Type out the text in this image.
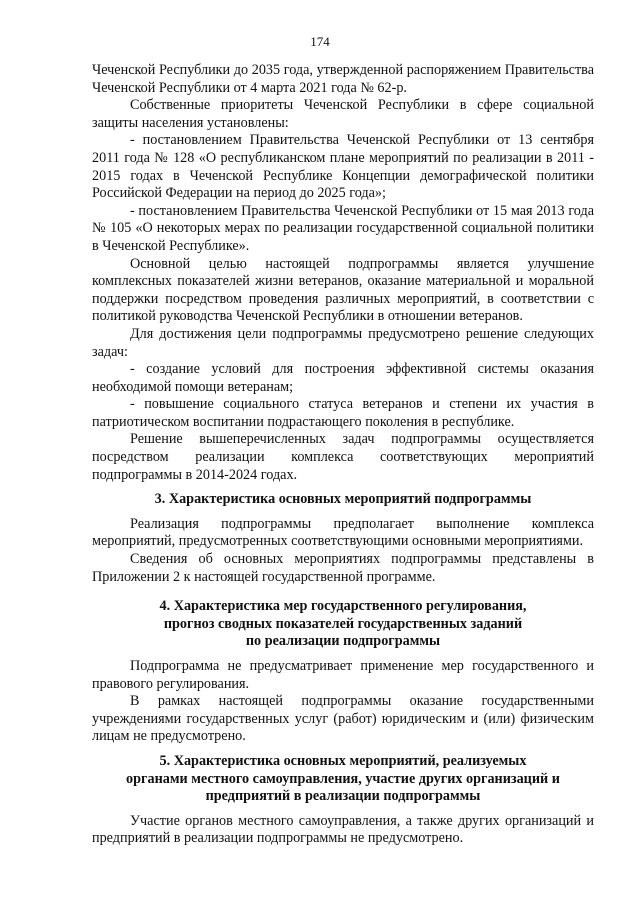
174

Чеченской Республики до 2035 года, утвержденной распоряжением Правительства Чеченской Республики от 4 марта 2021 года № 62-р.

Собственные приоритеты Чеченской Республики в сфере социальной защиты населения установлены:

- постановлением Правительства Чеченской Республики от 13 сентября 2011 года № 128 «О республиканском плане мероприятий по реализации в 2011 - 2015 годах в Чеченской Республике Концепции демографической политики Российской Федерации на период до 2025 года»;

- постановлением Правительства Чеченской Республики от 15 мая 2013 года № 105 «О некоторых мерах по реализации государственной социальной политики в Чеченской Республике».

Основной целью настоящей подпрограммы является улучшение комплексных показателей жизни ветеранов, оказание материальной и моральной поддержки посредством проведения различных мероприятий, в соответствии с политикой руководства Чеченской Республики в отношении ветеранов.

Для достижения цели подпрограммы предусмотрено решение следующих задач:

- создание условий для построения эффективной системы оказания необходимой помощи ветеранам;

- повышение социального статуса ветеранов и степени их участия в патриотическом воспитании подрастающего поколения в республике.

Решение вышеперечисленных задач подпрограммы осуществляется посредством реализации комплекса соответствующих мероприятий подпрограммы в 2014-2024 годах.

3. Характеристика основных мероприятий подпрограммы

Реализация подпрограммы предполагает выполнение комплекса мероприятий, предусмотренных соответствующими основными мероприятиями.

Сведения об основных мероприятиях подпрограммы представлены в Приложении 2 к настоящей государственной программе.

4. Характеристика мер государственного регулирования,

прогноз сводных показателей государственных заданий

по реализации подпрограммы

Подпрограмма не предусматривает применение мер государственного и правового регулирования.

В рамках настоящей подпрограммы оказание государственными учреждениями государственных услуг (работ) юридическим и (или) физическим лицам не предусмотрено.

5. Характеристика основных мероприятий, реализуемых

органами местного самоуправления, участие других организаций и

предприятий в реализации подпрограммы

Участие органов местного самоуправления, а также других организаций и предприятий в реализации подпрограммы не предусмотрено.
